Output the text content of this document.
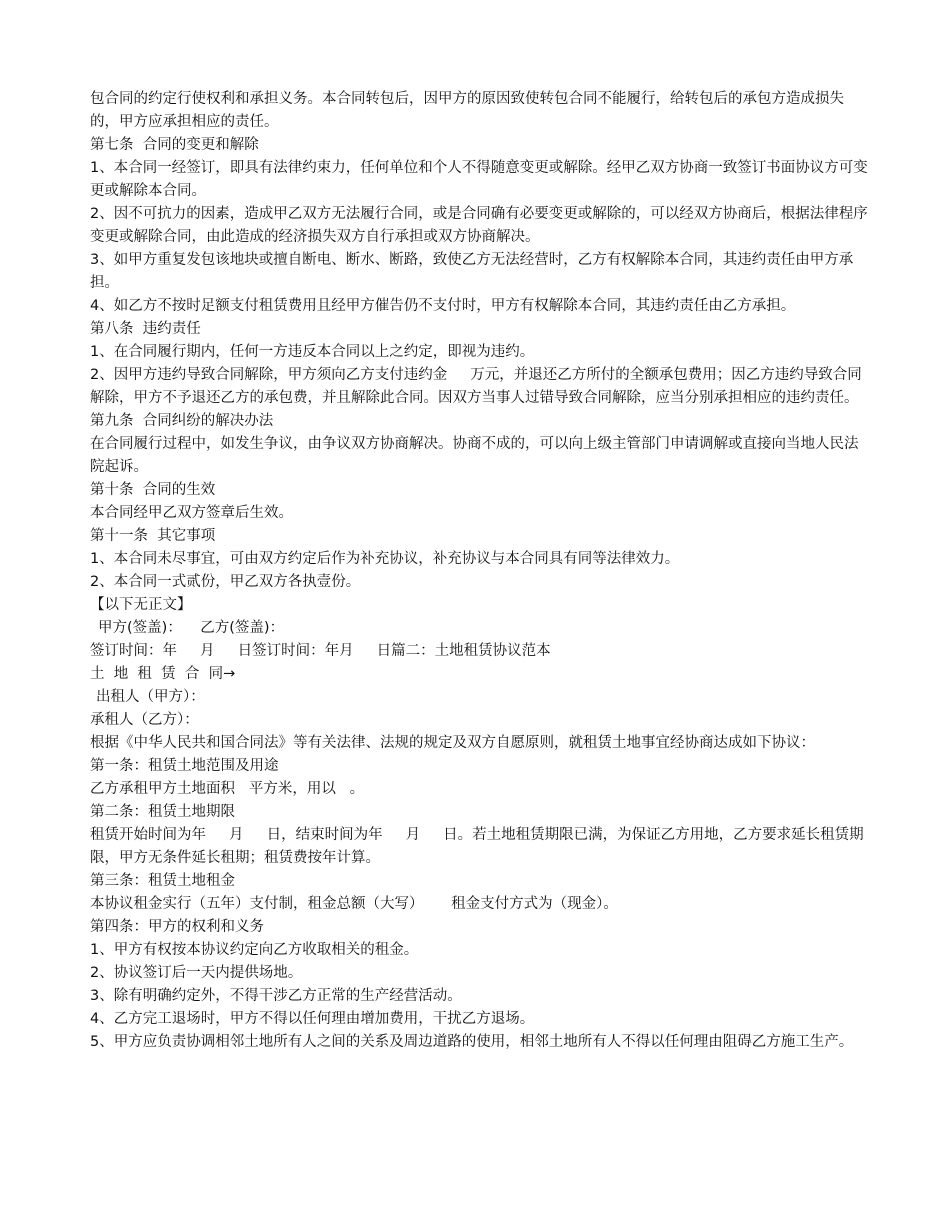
包合同的约定行使权利和承担义务。本合同转包后，因甲方的原因致使转包合同不能履行，给转包后的承包方造成损失的，甲方应承担相应的责任。

第七条  合同的变更和解除

1、本合同一经签订，即具有法律约束力，任何单位和个人不得随意变更或解除。经甲乙双方协商一致签订书面协议方可变更或解除本合同。

2、因不可抗力的因素，造成甲乙双方无法履行合同，或是合同确有必要变更或解除的，可以经双方协商后，根据法律程序变更或解除合同，由此造成的经济损失双方自行承担或双方协商解决。

3、如甲方重复发包该地块或擅自断电、断水、断路，致使乙方无法经营时，乙方有权解除本合同，其违约责任由甲方承担。

4、如乙方不按时足额支付租赁费用且经甲方催告仍不支付时，甲方有权解除本合同，其违约责任由乙方承担。

第八条  违约责任

1、在合同履行期内，任何一方违反本合同以上之约定，即视为违约。

2、因甲方违约导致合同解除，甲方须向乙方支付违约金     万元，并退还乙方所付的全额承包费用；因乙方违约导致合同解除，甲方不予退还乙方的承包费，并且解除此合同。因双方当事人过错导致合同解除，应当分别承担相应的违约责任。

第九条  合同纠纷的解决办法

在合同履行过程中，如发生争议，由争议双方协商解决。协商不成的，可以向上级主管部门申请调解或直接向当地人民法院起诉。

第十条  合同的生效

本合同经甲乙双方签章后生效。

第十一条  其它事项

1、本合同未尽事宜，可由双方约定后作为补充协议，补充协议与本合同具有同等法律效力。

2、本合同一式贰份，甲乙双方各执壹份。

【以下无正文】

甲方(签盖)：    乙方(签盖)：

签订时间：年     月     日签订时间：年月     日篇二：土地租赁协议范本

土  地  租  赁  合  同→

出租人（甲方）：

承租人（乙方）：

根据《中华人民共和国合同法》等有关法律、法规的规定及双方自愿原则，就租赁土地事宜经协商达成如下协议：

第一条：租赁土地范围及用途

乙方承租甲方土地面积   平方米，用以   。

第二条：租赁土地期限

租赁开始时间为年     月     日，结束时间为年     月     日。若土地租赁期限已满，为保证乙方用地，乙方要求延长租赁期限，甲方无条件延长租期；租赁费按年计算。

第三条：租赁土地租金

本协议租金实行（五年）支付制，租金总额（大写）      租金支付方式为（现金）。

第四条：甲方的权利和义务

1、甲方有权按本协议约定向乙方收取相关的租金。

2、协议签订后一天内提供场地。

3、除有明确约定外，不得干涉乙方正常的生产经营活动。

4、乙方完工退场时，甲方不得以任何理由增加费用，干扰乙方退场。

5、甲方应负责协调相邻土地所有人之间的关系及周边道路的使用，相邻土地所有人不得以任何理由阻碍乙方施工生产。
